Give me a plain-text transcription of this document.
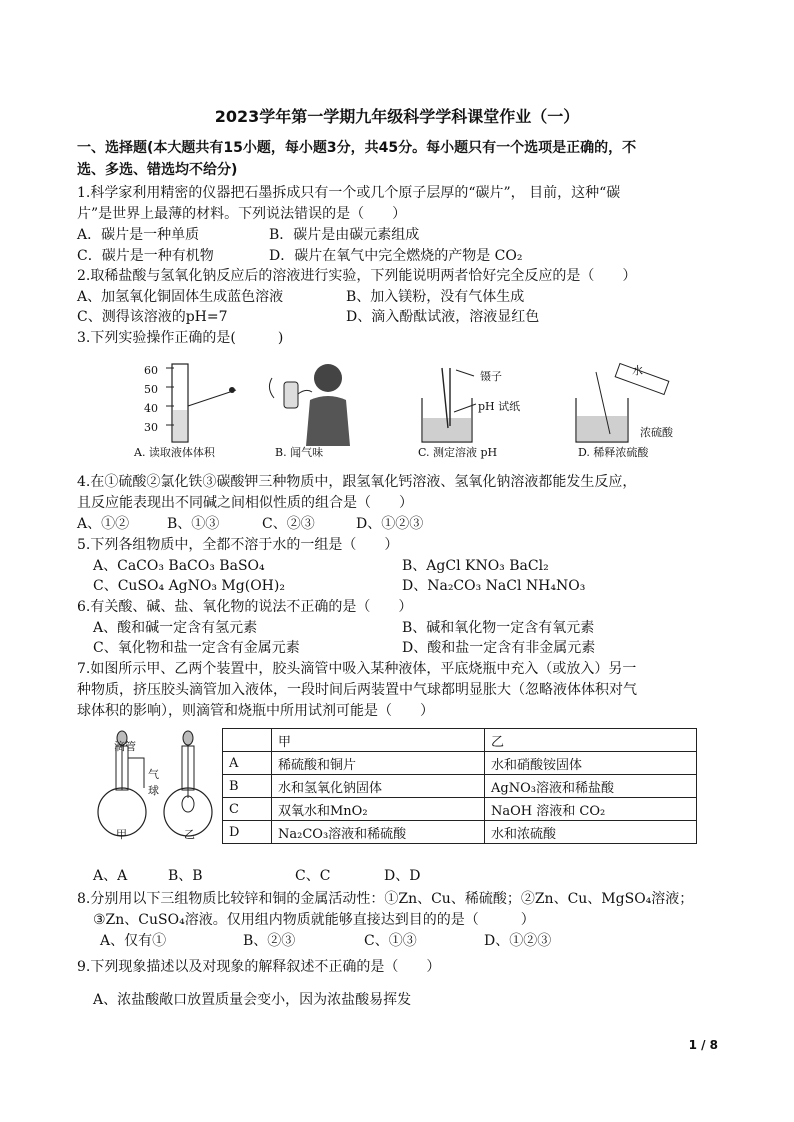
2023学年第一学期九年级科学学科课堂作业（一）
一、选择题(本大题共有15小题，每小题3分，共45分。每小题只有一个选项是正确的，不
选、多选、错选均不给分)
1.科学家利用精密的仪器把石墨拆成只有一个或几个原子层厚的“碳片”， 目前，这种“碳
片”是世界上最薄的材料。下列说法错误的是（　　）
A．碳片是一种单质	B．碳片是由碳元素组成
C．碳片是一种有机物	D．碳片在氧气中完全燃烧的产物是 CO₂
2.取稀盐酸与氢氧化钠反应后的溶液进行实验，下列能说明两者恰好完全反应的是（　　）
A、加氢氧化铜固体生成蓝色溶液	B、加入镁粉，没有气体生成
C、测得该溶液的pH=7	D、滴入酚酞试液，溶液显红色
3.下列实验操作正确的是(　　　)
60
50
40
30
A. 读取液体体积	B. 闻气味
镊子
pH 试纸
C. 测定溶液 pH
水
浓硫酸
D. 稀释浓硫酸
4.在①硫酸②氯化铁③碳酸钾三种物质中，跟氢氧化钙溶液、氢氧化钠溶液都能发生反应，
且反应能表现出不同碱之间相似性质的组合是（　　）
A、①②	B、①③	C、②③	D、①②③
5.下列各组物质中，全都不溶于水的一组是（　　）
A、CaCO₃ BaCO₃ BaSO₄	B、AgCl KNO₃ BaCl₂
C、CuSO₄ AgNO₃ Mg(OH)₂	D、Na₂CO₃ NaCl NH₄NO₃
6.有关酸、碱、盐、氧化物的说法不正确的是（　　）
A、酸和碱一定含有氢元素	B、碱和氧化物一定含有氧元素
C、氧化物和盐一定含有金属元素	D、酸和盐一定含有非金属元素
7.如图所示甲、乙两个装置中，胶头滴管中吸入某种液体，平底烧瓶中充入（或放入）另一
种物质，挤压胶头滴管加入液体，一段时间后两装置中气球都明显胀大（忽略液体体积对气
球体积的影响），则滴管和烧瓶中所用试剂可能是（　　）
滴管
气球
甲	乙
	甲	乙
A	稀硫酸和铜片	水和硝酸铵固体
B	水和氢氧化钠固体	AgNO₃溶液和稀盐酸
C	双氧水和MnO₂	NaOH 溶液和 CO₂
D	Na₂CO₃溶液和稀硫酸	水和浓硫酸
A、A	B、B	C、C	D、D
8.分别用以下三组物质比较锌和铜的金属活动性：①Zn、Cu、稀硫酸；②Zn、Cu、MgSO₄溶液；
③Zn、CuSO₄溶液。仅用组内物质就能够直接达到目的的是（　　　）
A、仅有①	B、②③	C、①③	D、①②③
9.下列现象描述以及对现象的解释叙述不正确的是（　　）
A、浓盐酸敞口放置质量会变小，因为浓盐酸易挥发
1 / 8
